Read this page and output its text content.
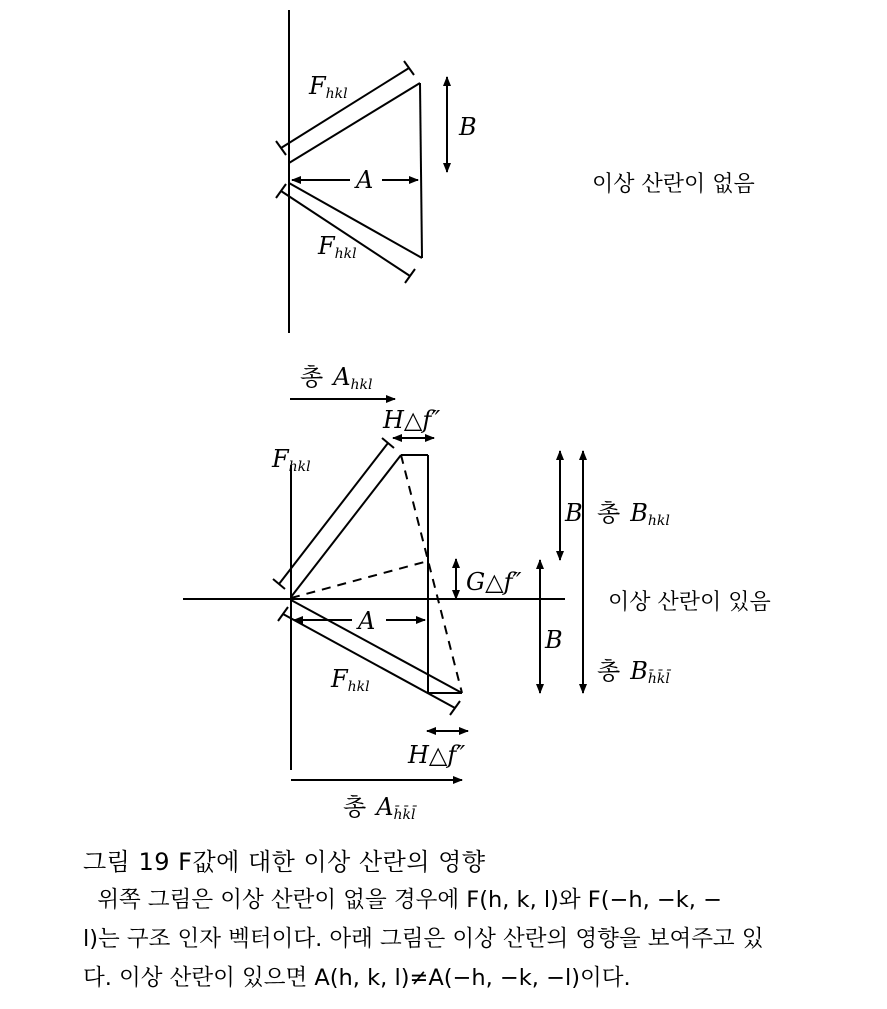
Fhkl
Fhkl
A
B
이상 산란이 없음
총 Ahkl
H△f″
Fhkl
B 총 Bhkl
G△f″
이상 산란이 있음
A
B
총 Bh̄k̄l̄
Fhkl
H△f″
총 Ah̄k̄l̄
그림 19 F값에 대한 이상 산란의 영향

위쪽 그림은 이상 산란이 없을 경우에 F(h, k, l)와 F(−h, −k, −
l)는 구조 인자 벡터이다. 아래 그림은 이상 산란의 영향을 보여주고 있
다. 이상 산란이 있으면 A(h, k, l)≠A(−h, −k, −l)이다.
